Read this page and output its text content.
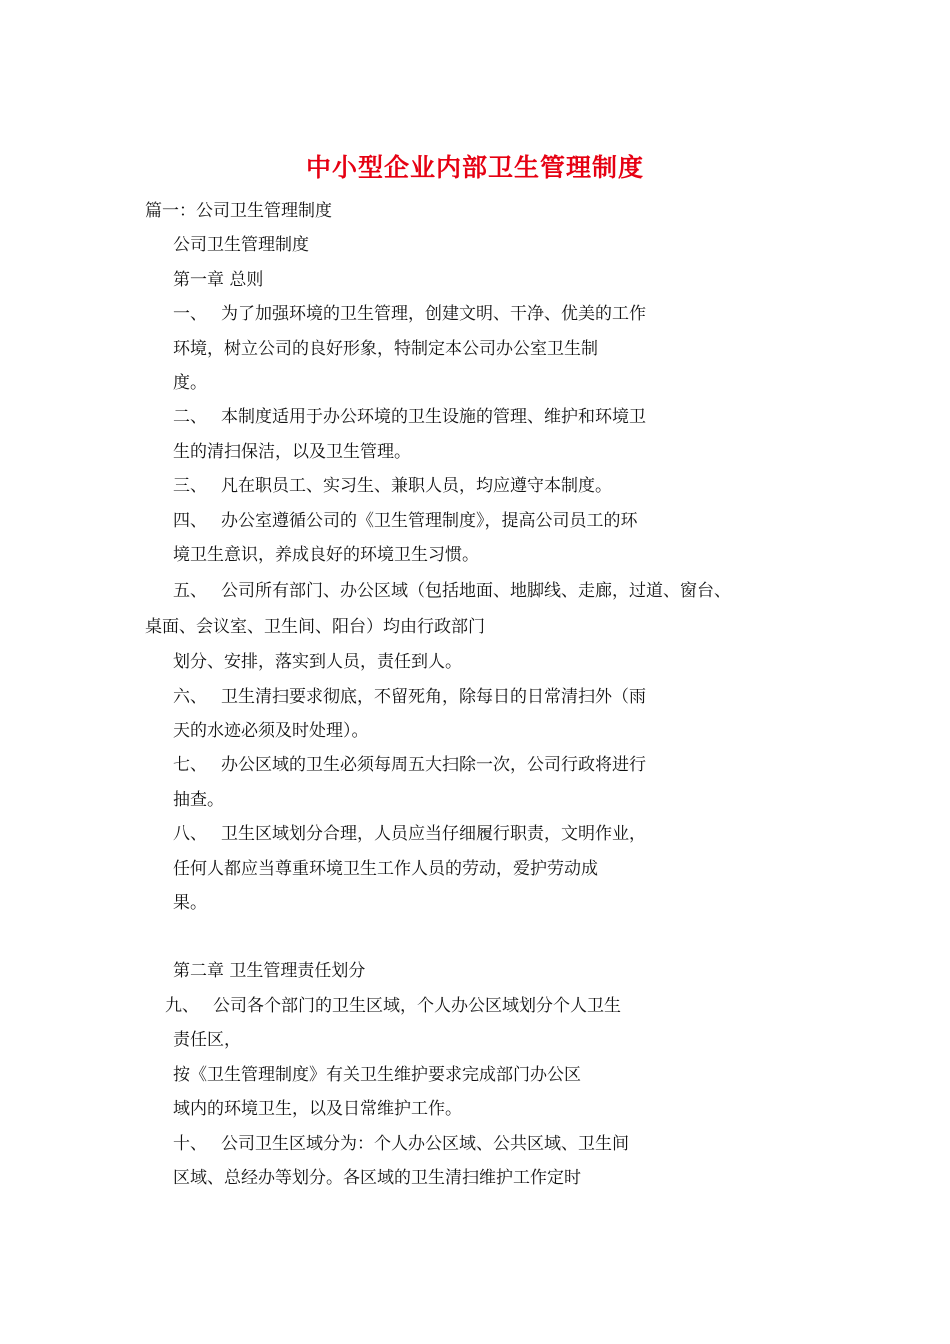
中小型企业内部卫生管理制度
篇一：公司卫生管理制度
公司卫生管理制度
第一章 总则
一、 为了加强环境的卫生管理，创建文明、干净、优美的工作
环境，树立公司的良好形象，特制定本公司办公室卫生制
度。
二、 本制度适用于办公环境的卫生设施的管理、维护和环境卫
生的清扫保洁，以及卫生管理。
三、 凡在职员工、实习生、兼职人员，均应遵守本制度。
四、 办公室遵循公司的《卫生管理制度》，提高公司员工的环
境卫生意识，养成良好的环境卫生习惯。
五、 公司所有部门、办公区域（包括地面、地脚线、走廊，过道、窗台、
桌面、会议室、卫生间、阳台）均由行政部门
划分、安排，落实到人员，责任到人。
六、 卫生清扫要求彻底，不留死角，除每日的日常清扫外（雨
天的水迹必须及时处理）。
七、 办公区域的卫生必须每周五大扫除一次，公司行政将进行
抽查。
八、 卫生区域划分合理，人员应当仔细履行职责，文明作业，
任何人都应当尊重环境卫生工作人员的劳动，爱护劳动成
果。
第二章 卫生管理责任划分
九、 公司各个部门的卫生区域，个人办公区域划分个人卫生
责任区，
按《卫生管理制度》有关卫生维护要求完成部门办公区
域内的环境卫生，以及日常维护工作。
十、 公司卫生区域分为：个人办公区域、公共区域、卫生间
区域、总经办等划分。各区域的卫生清扫维护工作定时
